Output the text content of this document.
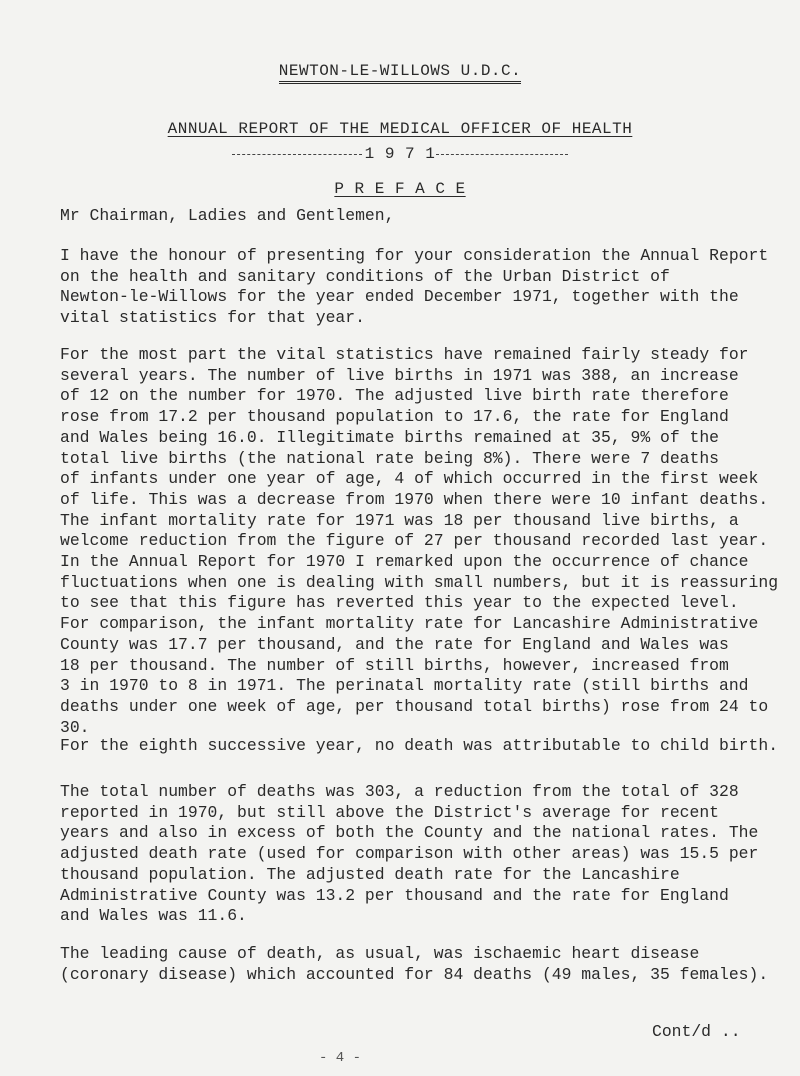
NEWTON-LE-WILLOWS U.D.C.
ANNUAL REPORT OF THE MEDICAL OFFICER OF HEALTH
1 9 7 1
P R E F A C E
Mr Chairman, Ladies and Gentlemen,
I have the honour of presenting for your consideration the Annual Report
on the health and sanitary conditions of the Urban District of
Newton-le-Willows for the year ended December 1971, together with the
vital statistics for that year.
For the most part the vital statistics have remained fairly steady for
several years. The number of live births in 1971 was 388, an increase
of 12 on the number for 1970. The adjusted live birth rate therefore
rose from 17.2 per thousand population to 17.6, the rate for England
and Wales being 16.0. Illegitimate births remained at 35, 9% of the
total live births (the national rate being 8%). There were 7 deaths
of infants under one year of age, 4 of which occurred in the first week
of life. This was a decrease from 1970 when there were 10 infant deaths.
The infant mortality rate for 1971 was 18 per thousand live births, a
welcome reduction from the figure of 27 per thousand recorded last year.
In the Annual Report for 1970 I remarked upon the occurrence of chance
fluctuations when one is dealing with small numbers, but it is reassuring
to see that this figure has reverted this year to the expected level.
For comparison, the infant mortality rate for Lancashire Administrative
County was 17.7 per thousand, and the rate for England and Wales was
18 per thousand. The number of still births, however, increased from
3 in 1970 to 8 in 1971. The perinatal mortality rate (still births and
deaths under one week of age, per thousand total births) rose from 24 to
30.
For the eighth successive year, no death was attributable to child birth.
The total number of deaths was 303, a reduction from the total of 328
reported in 1970, but still above the District's average for recent
years and also in excess of both the County and the national rates. The
adjusted death rate (used for comparison with other areas) was 15.5 per
thousand population. The adjusted death rate for the Lancashire
Administrative County was 13.2 per thousand and the rate for England
and Wales was 11.6.
The leading cause of death, as usual, was ischaemic heart disease
(coronary disease) which accounted for 84 deaths (49 males, 35 females).
Cont/d ..
- 4 -
